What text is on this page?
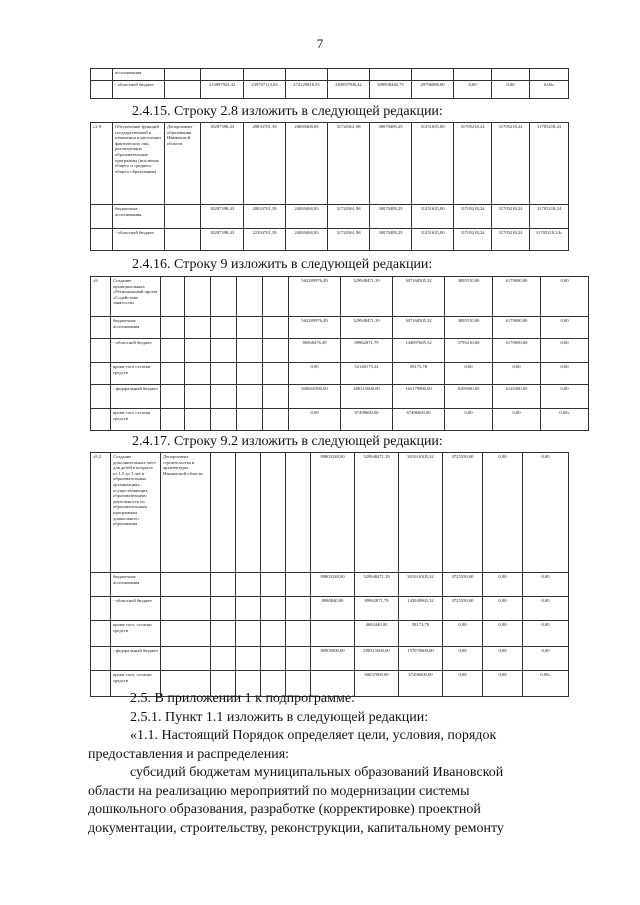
7
	ассигнования										
	- областной бюджет		213897923,42	239707113,84	274129818,55	283897996,42	309958440,75	29796088,00	0,00	0,00	0,00»
2.4.15. Строку 2.8 изложить в следующей редакции:
«2.8	Обеспечение функций государственной и изменения и населении фактических лиц, реализующих образовательные программы (исключая общего и среднего общего образования)	Департамент образования Ивановской области	18287398,43	20833701,39	24069468,83	31720361,98	30070489,29	31251635,00	31705218,24	31705218,24	31705218,24
	бюджетные ассигнования		18287398,43	20833701,39	24069468,83	31720361,98	30070489,29	31251635,00	31705218,24	31705218,24	31705218,24
	- областной бюджет		18287398,43	22394701,39	24069468,83	31720361,98	30070489,29	31251635,00	31705218,24	31705218,24	31705218,24»
2.4.16. Строку 9 изложить в следующей редакции:
«9	Создание муниципальных «Региональный проект «Содействие занятости»						565289976,49	329948471,39	307168505,32	3895510,00	6179000,00	0,00
	бюджетные ассигнования						565289976,49	329948471,39	307168505,32	3895510,00	6179000,00	0,00
	- областной бюджет						86968476,49	89962871,79	144007605,32	3795210,00	6170000,00	0,00
	кроме того остатки средств						0,00	52140173,24	58173,78	0,00	0,00	0,00
	- федеральный бюджет						300665500,00	280315600,00	163179900,00	0100300,00	6120300,00	0,00
	кроме того остатки средств						0,00	87498600,00	67496600,00	0,00	0,00	0,00»
2.4.17. Строку 9.2 изложить в следующей редакции:
«9.2	Создание дополнительных мест для детей в возрасте от 1,5 до 3 лет в образовательных организациях, осуществляющих образовательную деятельность по образовательным программам дошкольного образования	Департамент строительства и архитектуры Ивановской области					89803248,00	329948471,39	301016505,32	3725550,00	0,00	0,00
	бюджетные ассигнования						89803248,00	329948471,39	301016505,32	3725550,00	0,00	0,00
	- областной бюджет						8980840,00	89962871,79	143949065,32	3725550,00	0,00	0,00
	кроме того, остатки средств							4684440,00	58173,78	0,00	0,00	0,00
	- федеральный бюджет						80905000,00	280315600,00	157070600,00	0,00	0,00	0,00
	кроме того, остатки средств							60637000,00	67496600,00	0,00	0,00	0,00»
2.5. В приложении 1 к подпрограмме:
2.5.1. Пункт 1.1 изложить в следующей редакции:
«1.1. Настоящий Порядок определяет цели, условия, порядок
предоставления и распределения:
субсидий бюджетам муниципальных образований Ивановской
области на реализацию мероприятий по модернизации системы
дошкольного образования, разработке (корректировке) проектной
документации, строительству, реконструкции, капитальному ремонту
